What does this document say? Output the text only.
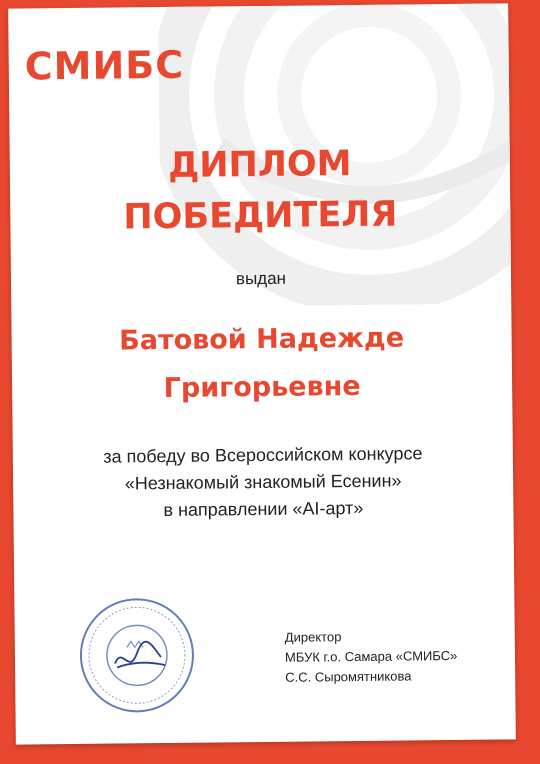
СМИБС
ДИПЛОМ
ПОБЕДИТЕЛЯ
выдан
Батовой Надежде
Григорьевне
за победу во Всероссийском конкурсе
«Незнакомый знакомый Есенин»
в направлении «AI-арт»
Директор
МБУК г.о. Самара «СМИБС»
С.С. Сыромятникова
